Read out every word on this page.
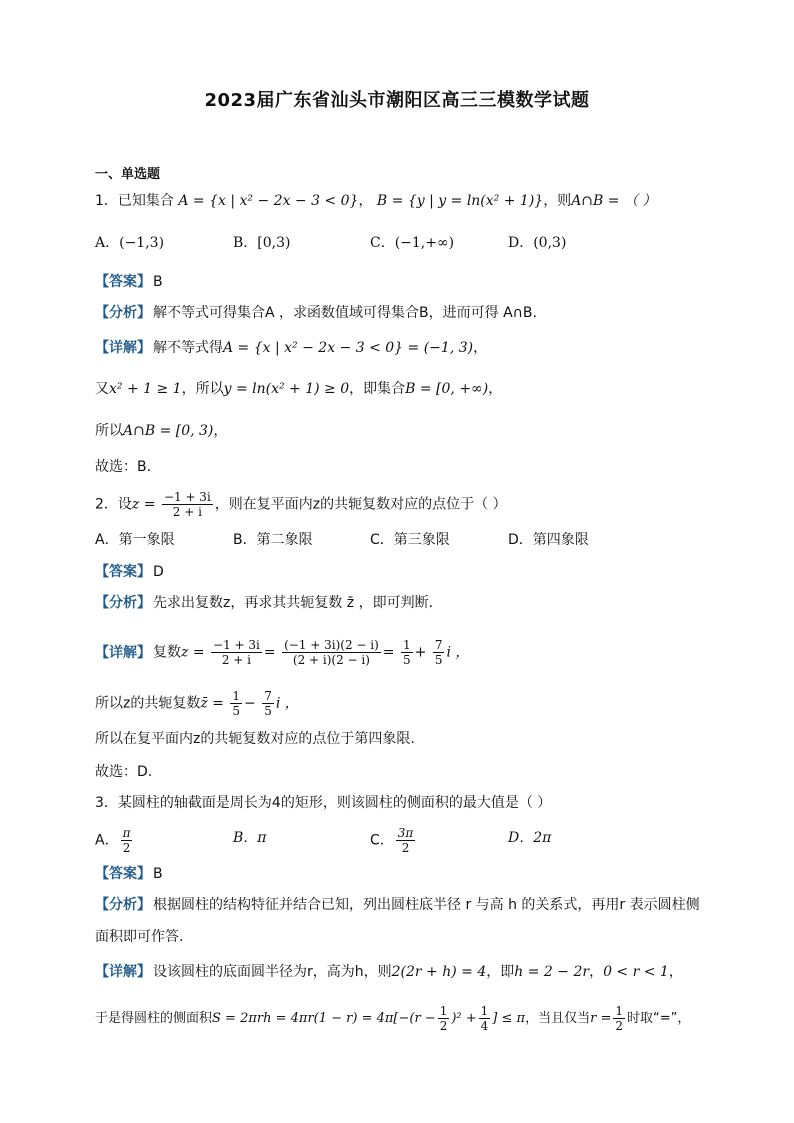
2023届广东省汕头市潮阳区高三三模数学试题
一、单选题
1．已知集合 A = {x | x² − 2x − 3 < 0}， B = {y | y = ln(x² + 1)}，则A∩B = （ ）
A．(−1,3)	B．[0,3)	C．(−1,+∞)	D．(0,3)
【答案】 B
【分析】 解不等式可得集合A ，求函数值域可得集合B，进而可得 A∩B.
【详解】 解不等式得A = {x | x² − 2x − 3 < 0} = (−1, 3)，
又x² + 1 ≥ 1，所以y = ln(x² + 1) ≥ 0，即集合B = [0, +∞)，
所以A∩B = [0, 3)，
故选：B.
2．设$z = \frac{-1 + 3i}{2 + i}$ ，则在复平面内z的共轭复数对应的点位于（ ）
A．第一象限	B．第二象限	C．第三象限	D．第四象限
【答案】 D
【分析】 先求出复数z，再求其共轭复数 z̄ ，即可判断.
【详解】 复数$z = \frac{-1 + 3i}{2 + i} = \frac{(-1 + 3i)(2 - i)}{(2 + i)(2 - i)} = \frac{1}{5} + \frac{7}{5}$ i ，
所以z的共轭复数z̄ = $\frac{1}{5} - \frac{7}{5}$ i ，
所以在复平面内z的共轭复数对应的点位于第四象限.
故选：D.
3．某圆柱的轴截面是周长为4的矩形，则该圆柱的侧面积的最大值是（ ）
A． $\frac{\pi}{2}$	B．π	C． $\frac{3\pi}{2}$	D．2π
【答案】 B
【分析】 根据圆柱的结构特征并结合已知，列出圆柱底半径 r 与高 h 的关系式，再用r 表示圆柱侧
面积即可作答.
【详解】 设该圆柱的底面圆半径为r，高为h，则2(2r + h) = 4，即h = 2 − 2r，0 < r < 1，
于是得圆柱的侧面积$S = 2\pi rh = 4\pi r(1 - r) = 4\pi[-(r - \frac{1}{2} )^2 + \frac{1}{4}$ ] ≤ π，当且仅当$r = \frac{1}{2}$ 时取“=”，
